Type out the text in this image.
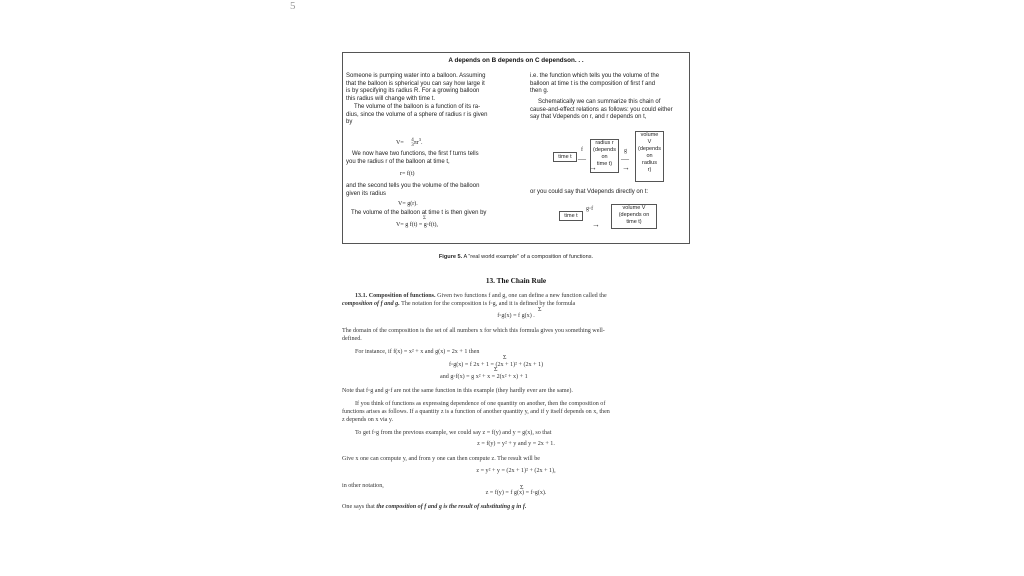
5
A depends on B depends on C dependson. . .
Someone is pumping water into a balloon. Assuming
that the balloon is spherical you can say how large it
is by specifying its radius R. For a growing balloon
this radius will change with time t.
The volume of the balloon is a function of its ra-
dius, since the volume of a sphere of radius r is given
by
V= 4
3 $\pi r^3$.
We now have two functions, the first f turns tells
you the radius r of the balloon at time t,
r= f(t)
and the second tells you the volume of the balloon
given its radius
V= g(r).
The volume of the balloon at time t is then given by
Σ
V= g f(t) = g◦f(t),
i.e. the function which tells you the volume of the
balloon at time t is the composition of first f and
then g.
Schematically we can summarize this chain of
cause-and-effect relations as follows: you could either
say that Vdepends on r, and r depends on t,
time t
f
—
radius r
(depends
on
time t)
g
—
volume
V
(depends
on
radius
r)
→	→
or you could say that Vdepends directly on t:
time t
g◦f
→
volume V
(depends on
time t)
Figure 5. A “real world example” of a composition of functions.
13. The Chain Rule
13.1. Composition of functions. Given two functions f and g, one can define a new function called the
composition of f and g. The notation for the composition is f◦g, and it is defined by the formula
Σ
f◦g(x) = f g(x) .
The domain of the composition is the set of all numbers x for which this formula gives you something well-
defined.
For instance, if f(x) = x² + x and g(x) = 2x + 1 then
Σ
f◦g(x) = f 2x + 1 = (2x + 1)² + (2x + 1)
Σ
and g◦f(x) = g x² + x = 2(x² + x) + 1
Note that f◦g and g◦f are not the same function in this example (they hardly ever are the same).
If you think of functions as expressing dependence of one quantity on another, then the composition of
functions arises as follows. If a quantity z is a function of another quantity y, and if y itself depends on x, then
z depends on x via y.
To get f◦g from the previous example, we could say z = f(y) and y = g(x), so that
z = f(y) = y² + y and y = 2x + 1.
Give x one can compute y, and from y one can then compute z. The result will be
z = y² + y = (2x + 1)² + (2x + 1),
in other notation,	Σ
z = f(y) = f g(x) = f◦g(x).
One says that the composition of f and g is the result of substituting g in f.
